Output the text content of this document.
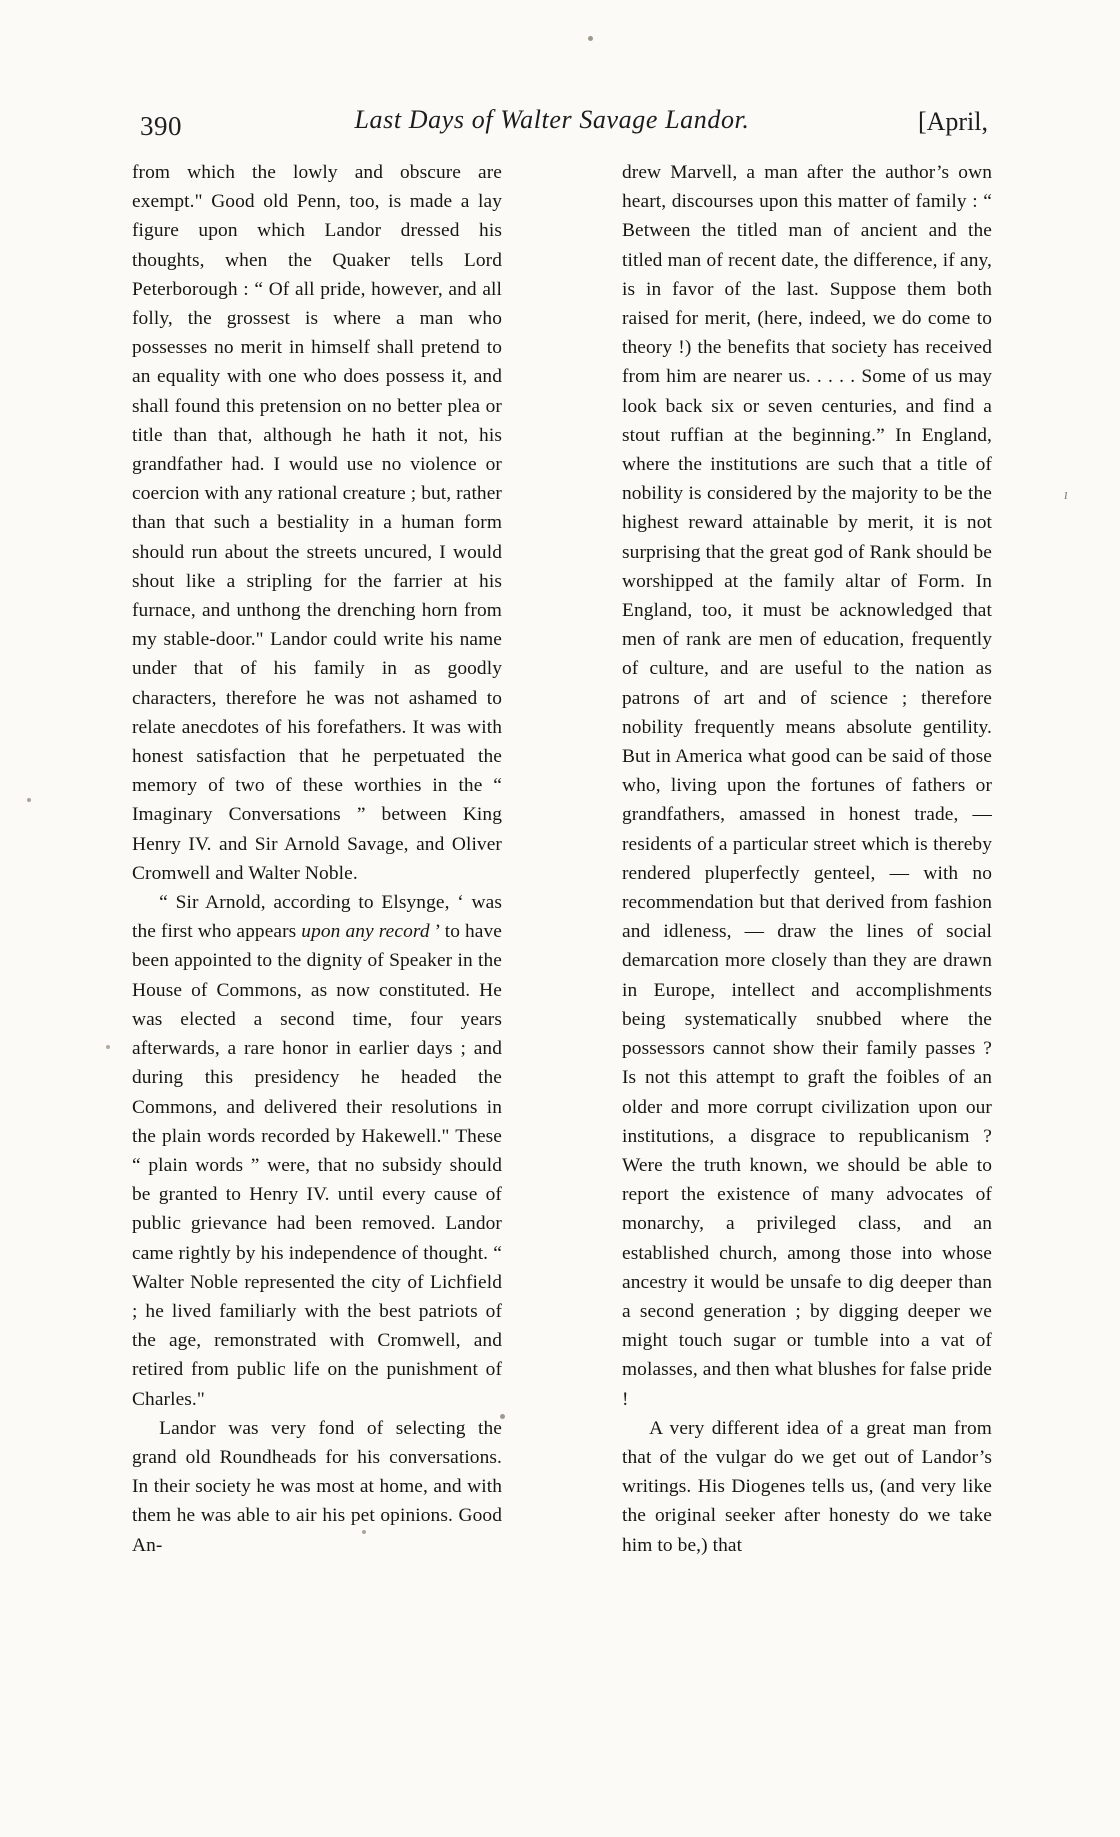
390	Last Days of Walter Savage Landor.	[April,
ı

from which the lowly and obscure are exempt." Good old Penn, too, is made a lay figure upon which Landor dressed his thoughts, when the Quaker tells Lord Peterborough : “ Of all pride, however, and all folly, the grossest is where a man who possesses no merit in himself shall pretend to an equality with one who does possess it, and shall found this pretension on no better plea or title than that, although he hath it not, his grandfather had. I would use no violence or coercion with any rational creature ; but, rather than that such a bestiality in a human form should run about the streets uncured, I would shout like a stripling for the farrier at his furnace, and unthong the drenching horn from my stable-door." Landor could write his name under that of his family in as goodly characters, therefore he was not ashamed to relate anecdotes of his forefathers. It was with honest satisfaction that he perpetuated the memory of two of these worthies in the “ Imaginary Conversations ” between King Henry IV. and Sir Arnold Savage, and Oliver Cromwell and Walter Noble.

“ Sir Arnold, according to Elsynge, ‘ was the first who appears upon any record ’ to have been appointed to the dignity of Speaker in the House of Commons, as now constituted. He was elected a second time, four years afterwards, a rare honor in earlier days ; and during this presidency he headed the Commons, and delivered their resolutions in the plain words recorded by Hakewell." These “ plain words ” were, that no subsidy should be granted to Henry IV. until every cause of public grievance had been removed. Landor came rightly by his independence of thought. “ Walter Noble represented the city of Lichfield ; he lived familiarly with the best patriots of the age, remonstrated with Cromwell, and retired from public life on the punishment of Charles."

Landor was very fond of selecting the grand old Roundheads for his conversations. In their society he was most at home, and with them he was able to air his pet opinions. Good An-

drew Marvell, a man after the author’s own heart, discourses upon this matter of family : “ Between the titled man of ancient and the titled man of recent date, the difference, if any, is in favor of the last. Suppose them both raised for merit, (here, indeed, we do come to theory !) the benefits that society has received from him are nearer us. . . . . Some of us may look back six or seven centuries, and find a stout ruffian at the beginning.” In England, where the institutions are such that a title of nobility is considered by the majority to be the highest reward attainable by merit, it is not surprising that the great god of Rank should be worshipped at the family altar of Form. In England, too, it must be acknowledged that men of rank are men of education, frequently of culture, and are useful to the nation as patrons of art and of science ; therefore nobility frequently means absolute gentility. But in America what good can be said of those who, living upon the fortunes of fathers or grandfathers, amassed in honest trade, — residents of a particular street which is thereby rendered pluperfectly genteel, — with no recommendation but that derived from fashion and idleness, — draw the lines of social demarcation more closely than they are drawn in Europe, intellect and accomplishments being systematically snubbed where the possessors cannot show their family passes ? Is not this attempt to graft the foibles of an older and more corrupt civilization upon our institutions, a disgrace to republicanism ? Were the truth known, we should be able to report the existence of many advocates of monarchy, a privileged class, and an established church, among those into whose ancestry it would be unsafe to dig deeper than a second generation ; by digging deeper we might touch sugar or tumble into a vat of molasses, and then what blushes for false pride !

A very different idea of a great man from that of the vulgar do we get out of Landor’s writings. His Diogenes tells us, (and very like the original seeker after honesty do we take him to be,) that
